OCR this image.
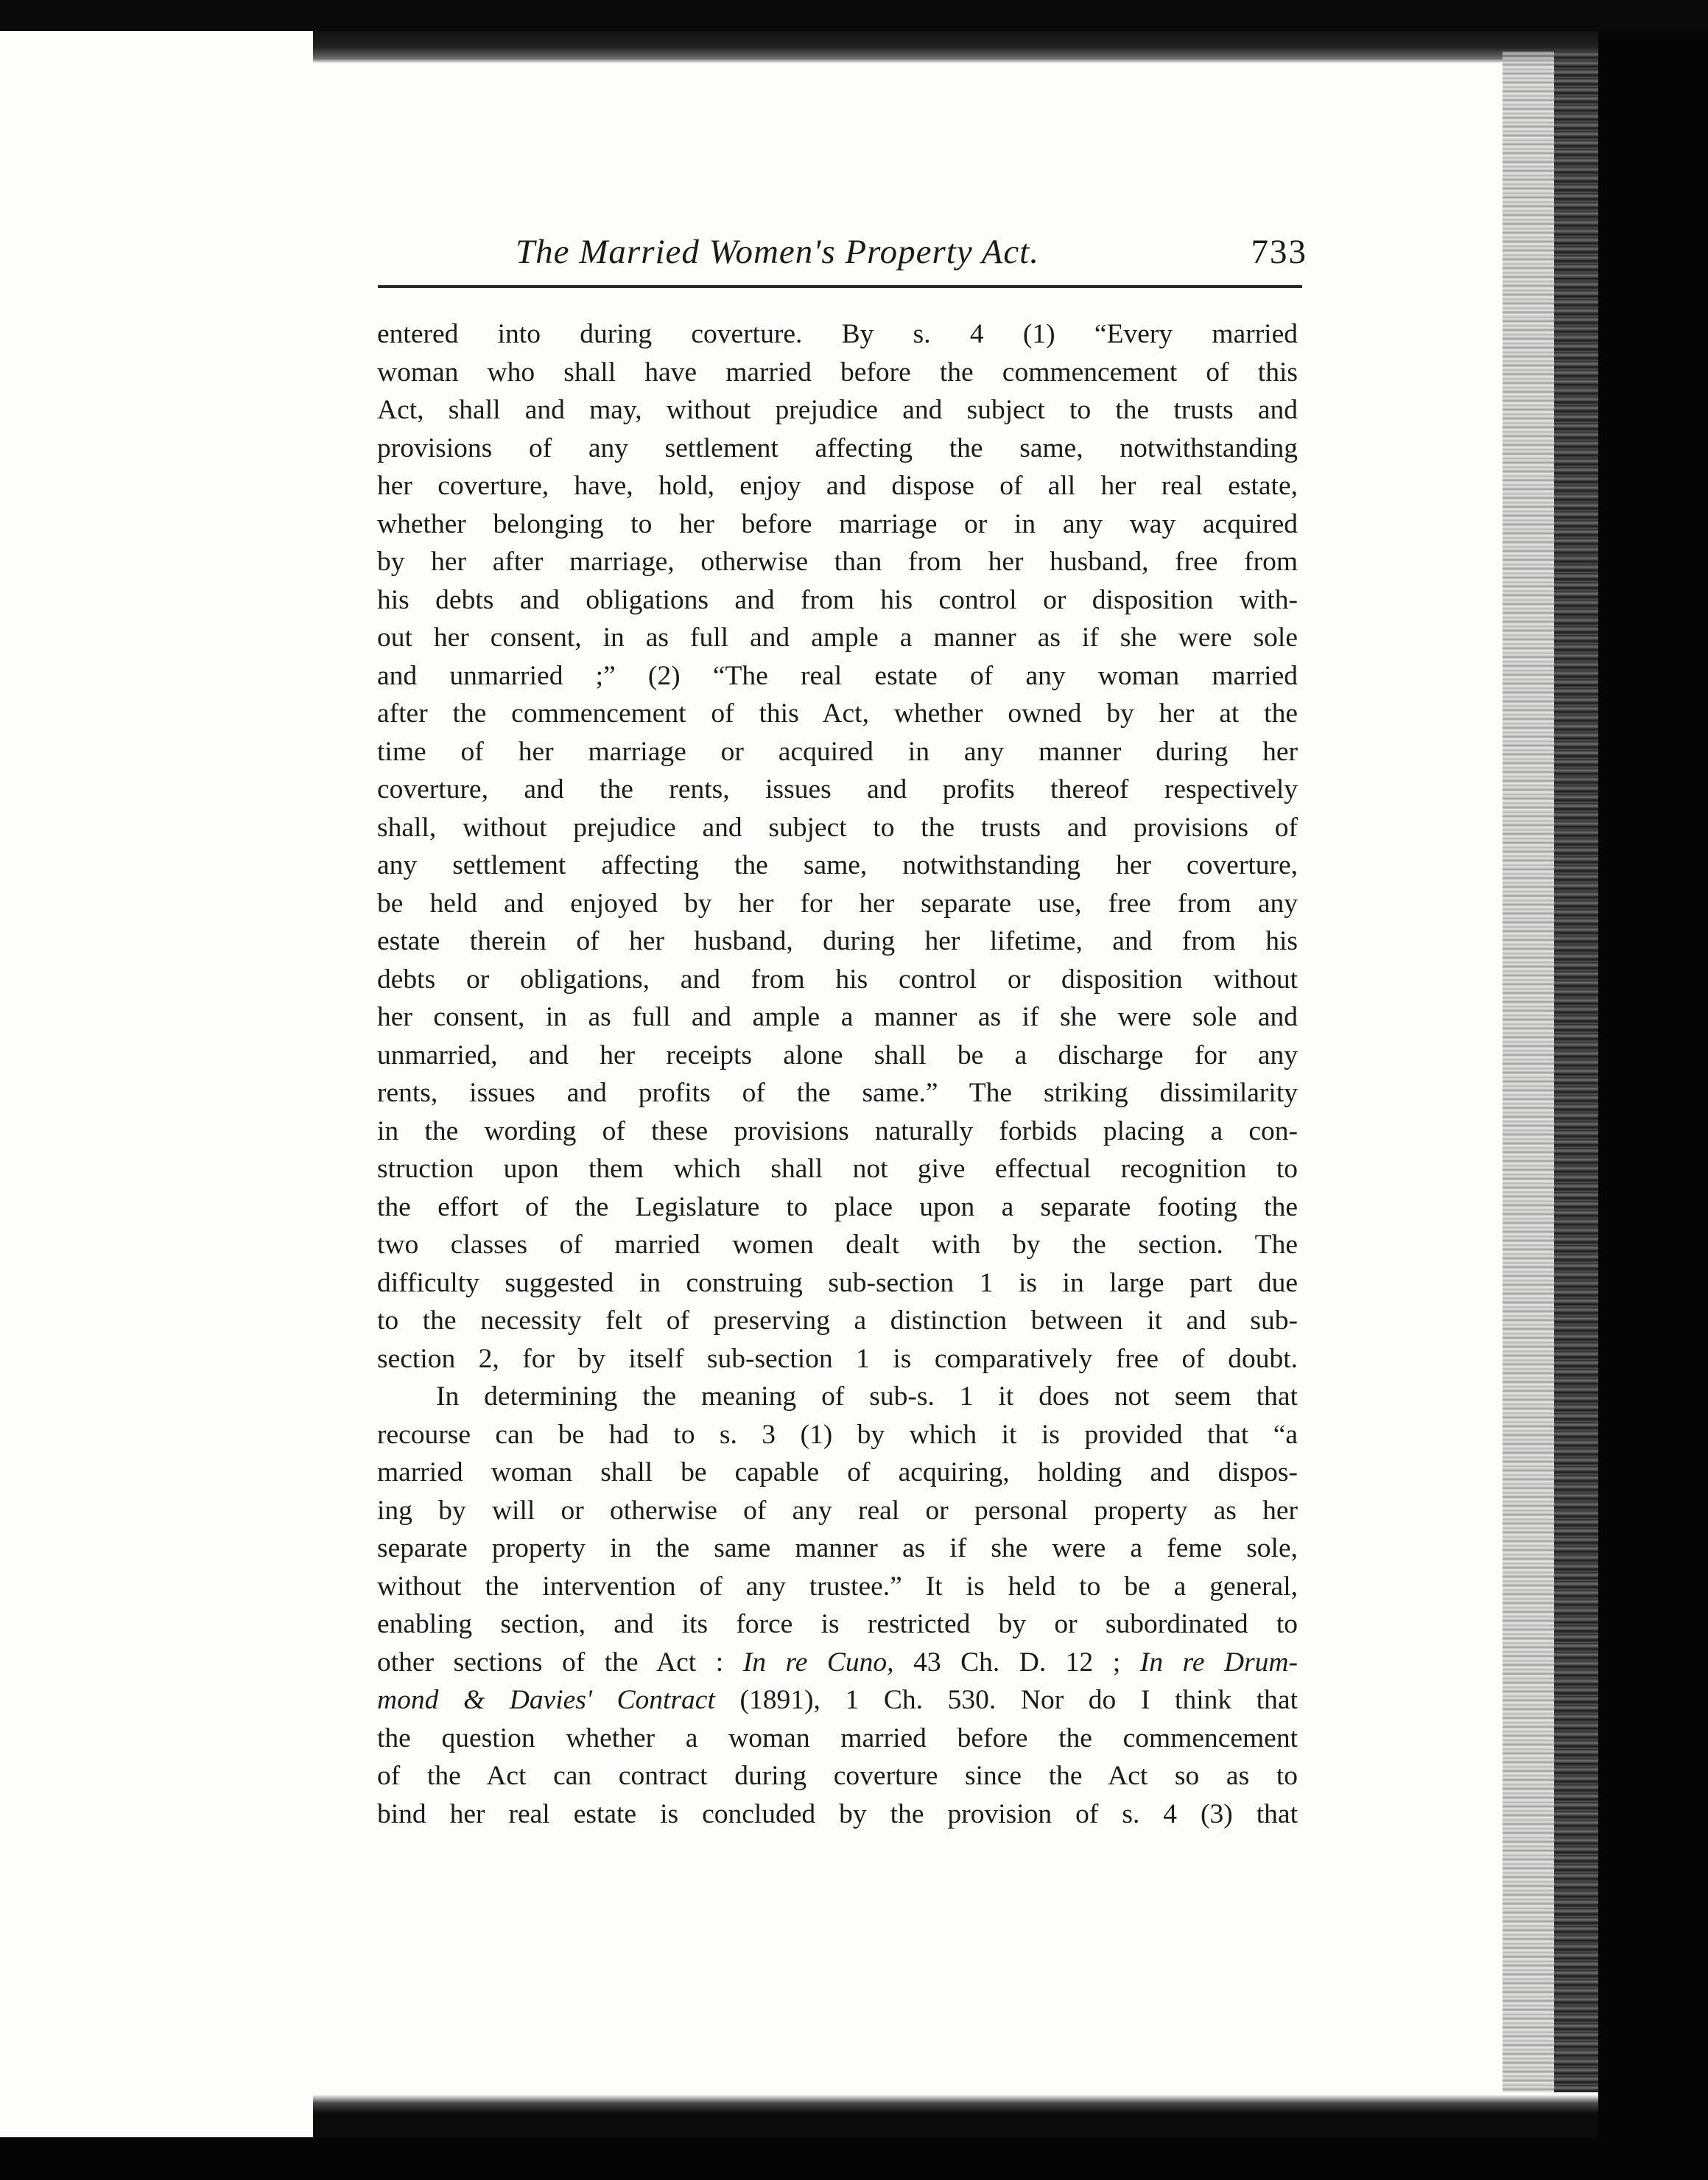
The Married Women's Property Act.	733
entered into during coverture. By s. 4 (1) “Every married
woman who shall have married before the commencement of this
Act, shall and may, without prejudice and subject to the trusts and
provisions of any settlement affecting the same, notwithstanding
her coverture, have, hold, enjoy and dispose of all her real estate,
whether belonging to her before marriage or in any way acquired
by her after marriage, otherwise than from her husband, free from
his debts and obligations and from his control or disposition with-
out her consent, in as full and ample a manner as if she were sole
and unmarried ;” (2) “The real estate of any woman married
after the commencement of this Act, whether owned by her at the
time of her marriage or acquired in any manner during her
coverture, and the rents, issues and profits thereof respectively
shall, without prejudice and subject to the trusts and provisions of
any settlement affecting the same, notwithstanding her coverture,
be held and enjoyed by her for her separate use, free from any
estate therein of her husband, during her lifetime, and from his
debts or obligations, and from his control or disposition without
her consent, in as full and ample a manner as if she were sole and
unmarried, and her receipts alone shall be a discharge for any
rents, issues and profits of the same.” The striking dissimilarity
in the wording of these provisions naturally forbids placing a con-
struction upon them which shall not give effectual recognition to
the effort of the Legislature to place upon a separate footing the
two classes of married women dealt with by the section. The
difficulty suggested in construing sub-section 1 is in large part due
to the necessity felt of preserving a distinction between it and sub-
section 2, for by itself sub-section 1 is comparatively free of doubt.
In determining the meaning of sub-s. 1 it does not seem that
recourse can be had to s. 3 (1) by which it is provided that “a
married woman shall be capable of acquiring, holding and dispos-
ing by will or otherwise of any real or personal property as her
separate property in the same manner as if she were a feme sole,
without the intervention of any trustee.” It is held to be a general,
enabling section, and its force is restricted by or subordinated to
other sections of the Act : In re Cuno, 43 Ch. D. 12 ; In re Drum-
mond & Davies' Contract (1891), 1 Ch. 530. Nor do I think that
the question whether a woman married before the commencement
of the Act can contract during coverture since the Act so as to
bind her real estate is concluded by the provision of s. 4 (3) that
